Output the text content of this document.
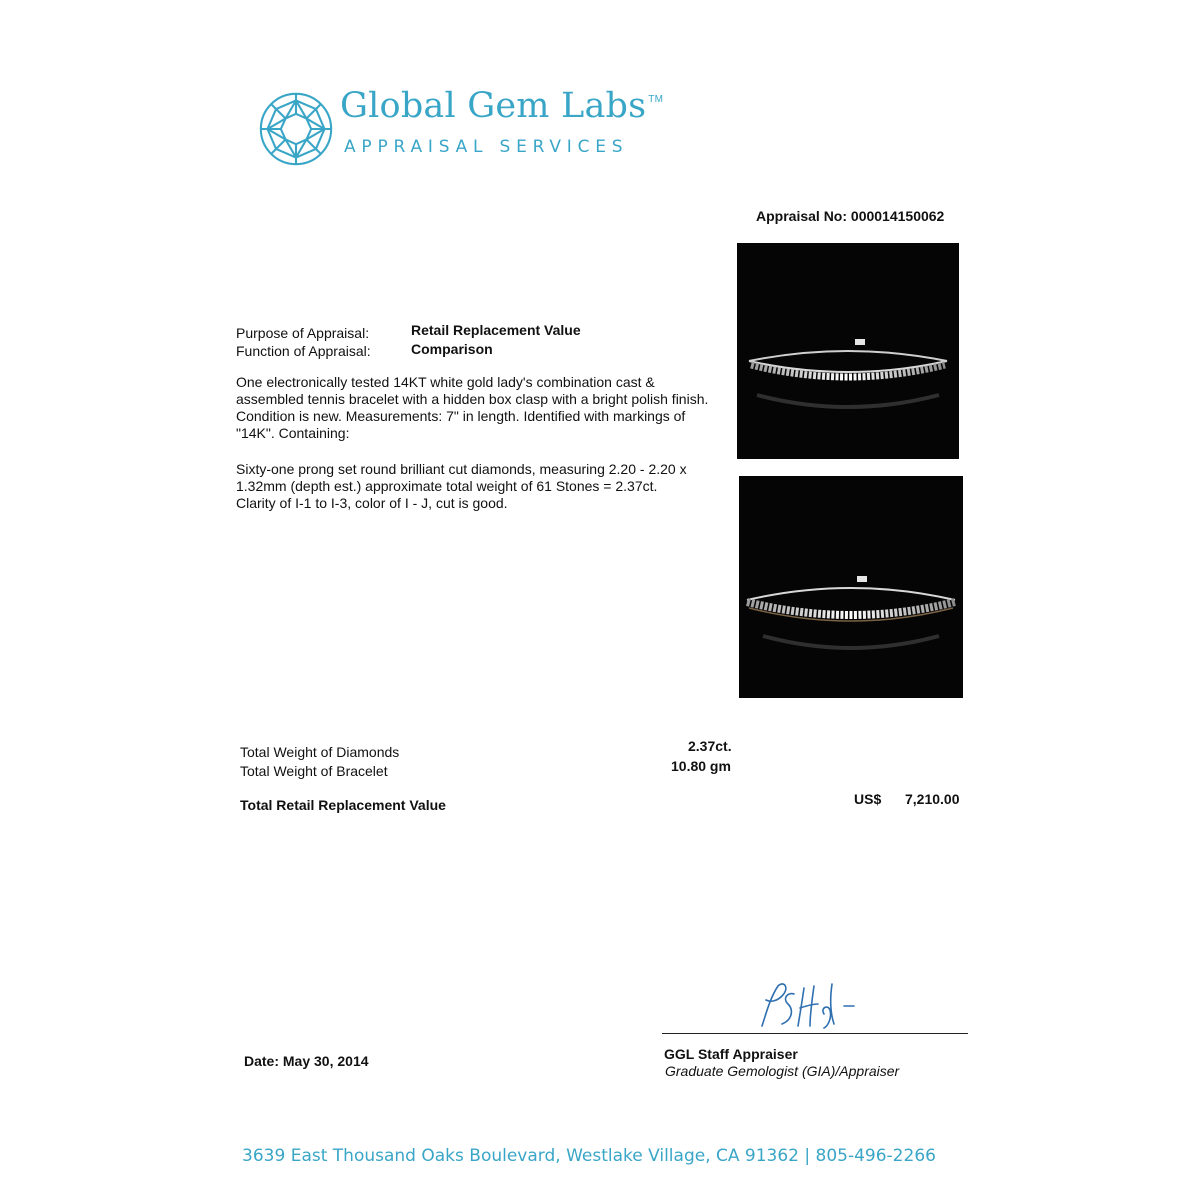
Global Gem Labs ™
APPRAISAL SERVICES
Appraisal No: 000014150062
Purpose of Appraisal:	Retail Replacement Value
Function of Appraisal:	Comparison
One electronically tested 14KT white gold lady's combination cast & assembled tennis bracelet with a hidden box clasp with a bright polish finish. Condition is new. Measurements: 7" in length. Identified with markings of "14K". Containing:
Sixty-one prong set round brilliant cut diamonds, measuring 2.20 - 2.20 x 1.32mm (depth est.) approximate total weight of 61 Stones = 2.37ct. Clarity of I-1 to I-3, color of I - J, cut is good.
Total Weight of Diamonds	2.37ct.
Total Weight of Bracelet	10.80 gm
Total Retail Replacement Value	US$ 7,210.00
GGL Staff Appraiser
Graduate Gemologist (GIA)/Appraiser
Date: May 30, 2014
3639 East Thousand Oaks Boulevard, Westlake Village, CA 91362 | 805-496-2266
